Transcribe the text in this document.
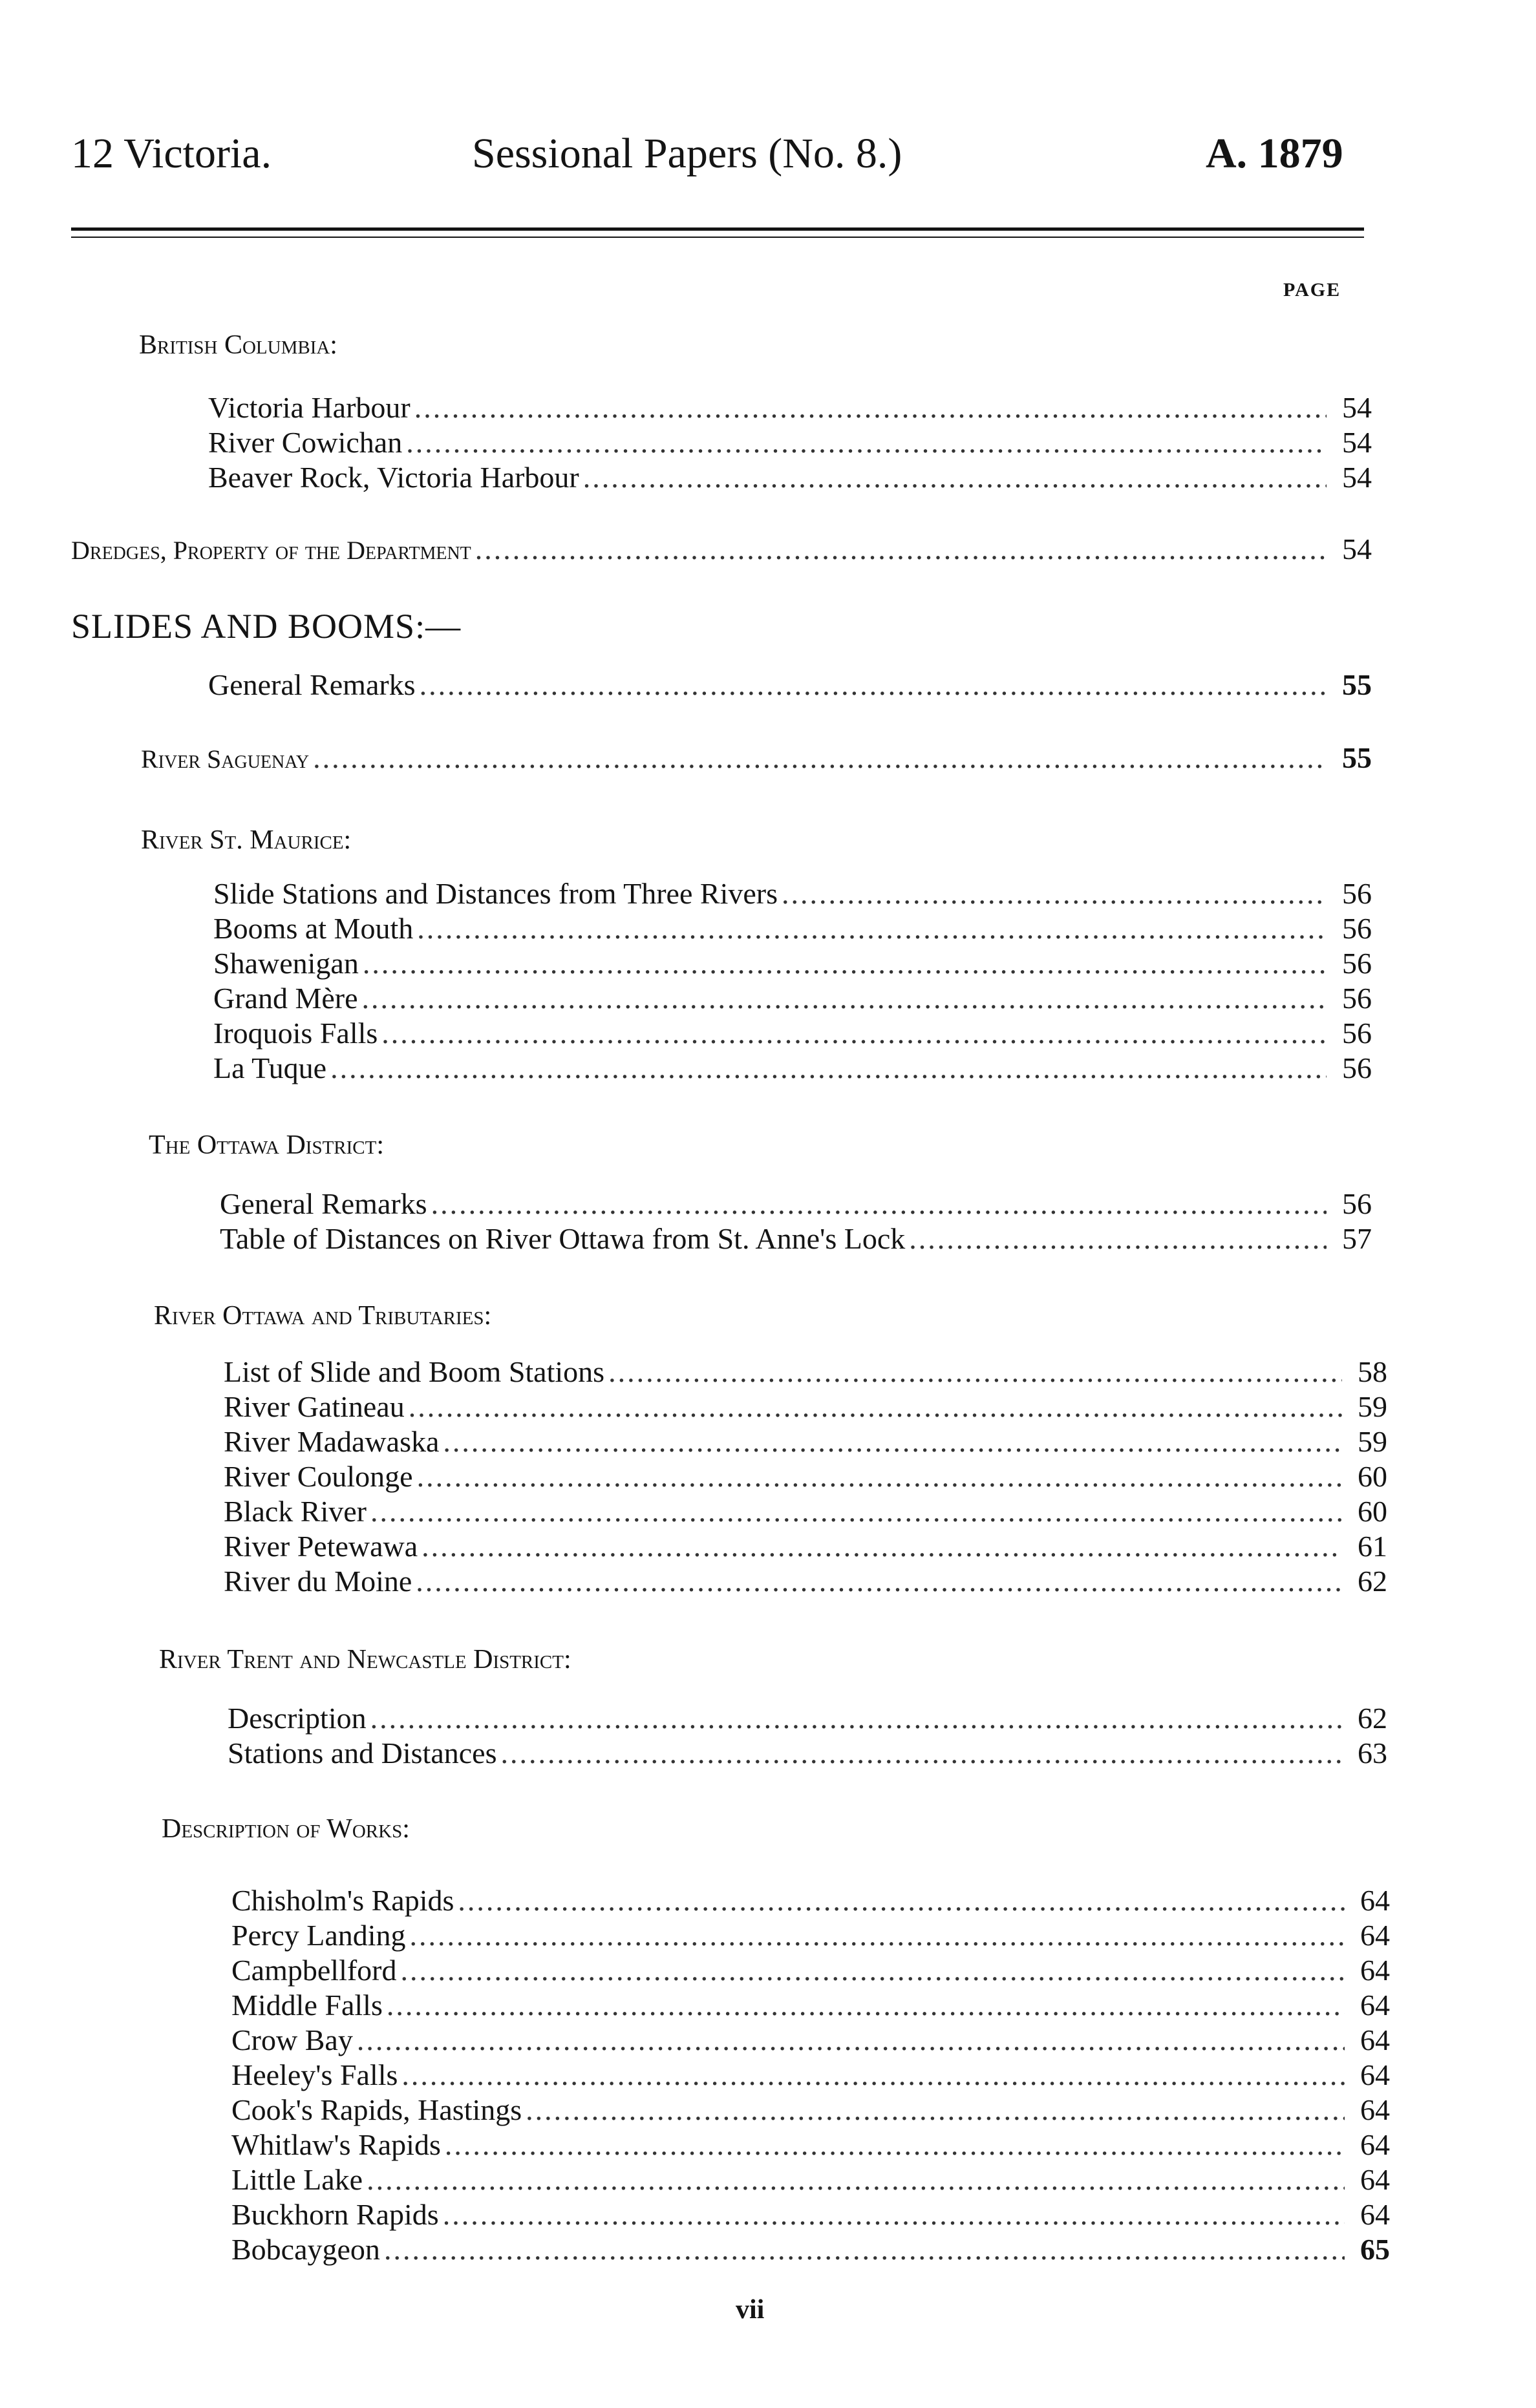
12 Victoria.	Sessional Papers (No. 8.)	A. 1879
PAGE
British Columbia:
Victoria Harbour .....	54
River Cowichan .....	54
Beaver Rock, Victoria Harbour .....	54
Dredges, Property of the Department .....	54
SLIDES AND BOOMS:—
General Remarks .....	55
River Saguenay .....	55
River St. Maurice:
Slide Stations and Distances from Three Rivers .....	56
Booms at Mouth .....	56
Shawenigan .....	56
Grand Mère .....	56
Iroquois Falls .....	56
La Tuque .....	56
The Ottawa District:
General Remarks .....	56
Table of Distances on River Ottawa from St. Anne's Lock .....	57
River Ottawa and Tributaries:
List of Slide and Boom Stations .....	58
River Gatineau .....	59
River Madawaska .....	59
River Coulonge .....	60
Black River .....	60
River Petewawa .....	61
River du Moine .....	62
River Trent and Newcastle District:
Description .....	62
Stations and Distances .....	63
Description of Works:
Chisholm's Rapids .....	64
Percy Landing .....	64
Campbellford .....	64
Middle Falls .....	64
Crow Bay .....	64
Heeley's Falls .....	64
Cook's Rapids, Hastings .....	64
Whitlaw's Rapids .....	64
Little Lake .....	64
Buckhorn Rapids .....	64
Bobcaygeon .....	65
vii
